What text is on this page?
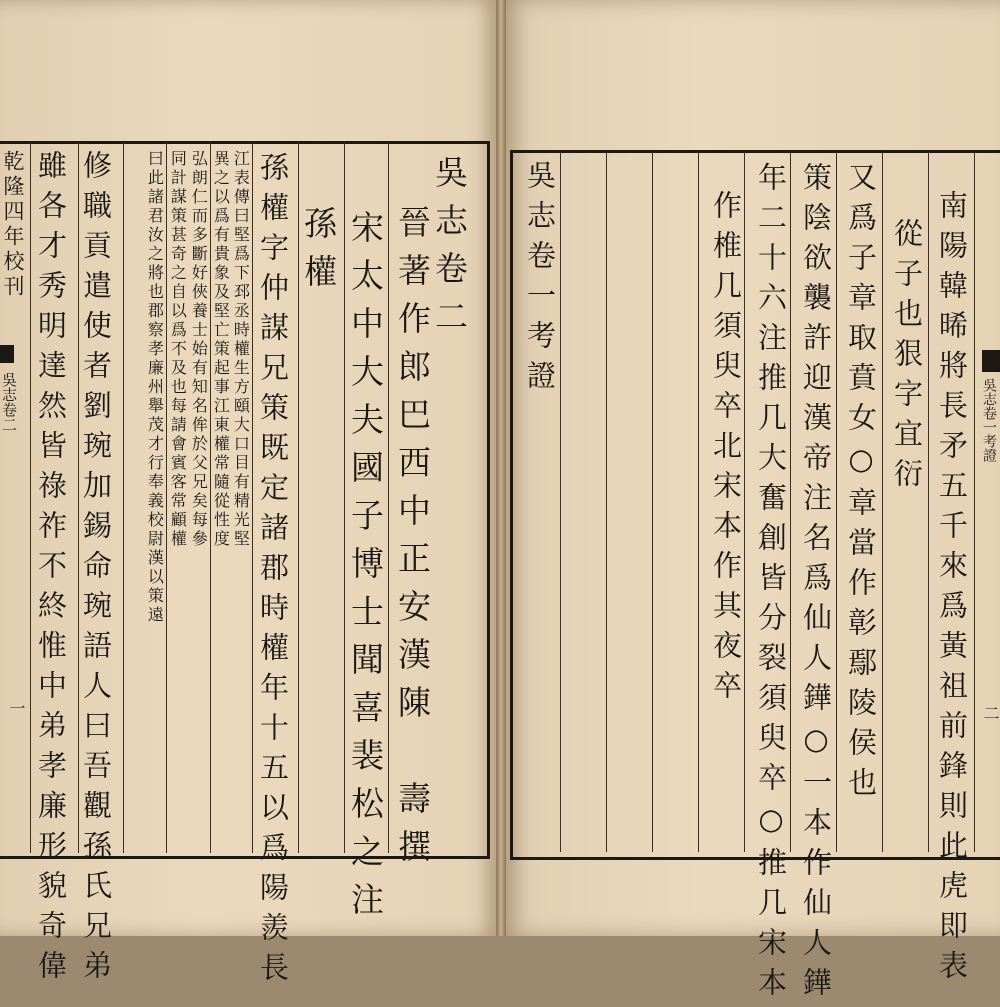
乾隆四年校刊	吳志卷二
晉著作郎巴西中正安漢陳　壽撰
宋太中大夫國子博士聞喜裴松之注
孫權
孫權字仲謀兄策既定諸郡時權年十五以爲陽羨長
江表傳曰堅爲下邳丞時權生方頤大口目有精光堅
異之以爲有貴象及堅亡策起事江東權常隨從性度
弘朗仁而多斷好俠養士始有知名侔於父兄矣每參
同計謀策甚奇之自以爲不及也每請會賓客常顧權
曰此諸君汝之將也郡察孝廉州舉茂才行奉義校尉漢以策遠
修職貢遣使者劉琬加錫命琬語人曰吾觀孫氏兄弟
雖各才秀明達然皆祿祚不終惟中弟孝廉形貌奇偉
吳志卷二
一
　　　	南陽韓晞將長矛五千來爲黃祖前鋒則此虎即表
從子也狠字宜衍
又爲子章取賁女○章當作彰鄢陵侯也
策陰欲襲許迎漢帝注名爲仙人鏵○一本作仙人鏵
年二十六注推几大奮創皆分裂須臾卒○推几宋本
作椎几須臾卒北宋本作其夜卒
吳志卷一考證
吳志卷一考證
二
